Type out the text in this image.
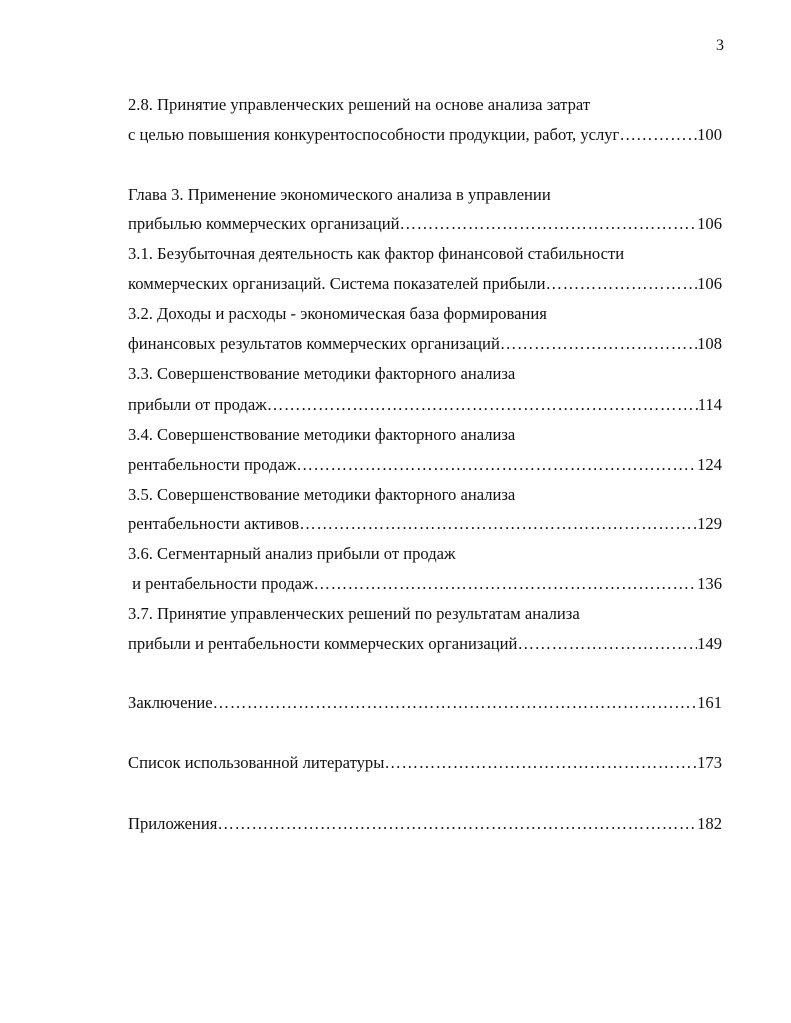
3
2.8. Принятие управленческих решений на основе анализа затрат
с целью повышения конкурентоспособности продукции, работ, услуг… ……………………………………………………………………………………………………………………………………………………………	100
Глава 3. Применение экономического анализа в управлении
прибылью коммерческих организаций ……………………………………………………………………………………………………………………………………………………………	106
3.1. Безубыточная деятельность как фактор финансовой стабильности
коммерческих организаций. Система показателей прибыли ……………………………………………………………………………………………………………………………………………………………	106
3.2. Доходы и расходы - экономическая база формирования
финансовых результатов коммерческих организаций ……………………………………………………………………………………………………………………………………………………………	108
3.3. Совершенствование методики факторного анализа
прибыли от продаж ……………………………………………………………………………………………………………………………………………………………	114
3.4. Совершенствование методики факторного анализа
рентабельности продаж ……………………………………………………………………………………………………………………………………………………………	124
3.5. Совершенствование методики факторного анализа
рентабельности активов ……………………………………………………………………………………………………………………………………………………………	129
3.6. Сегментарный анализ прибыли от продаж
и рентабельности продаж ……………………………………………………………………………………………………………………………………………………………	136
3.7. Принятие управленческих решений по результатам анализа
прибыли и рентабельности коммерческих организаций ……………………………………………………………………………………………………………………………………………………………	149
Заключение ……………………………………………………………………………………………………………………………………………………………	161
Список использованной литературы ……………………………………………………………………………………………………………………………………………………………	173
Приложения ……………………………………………………………………………………………………………………………………………………………	182
